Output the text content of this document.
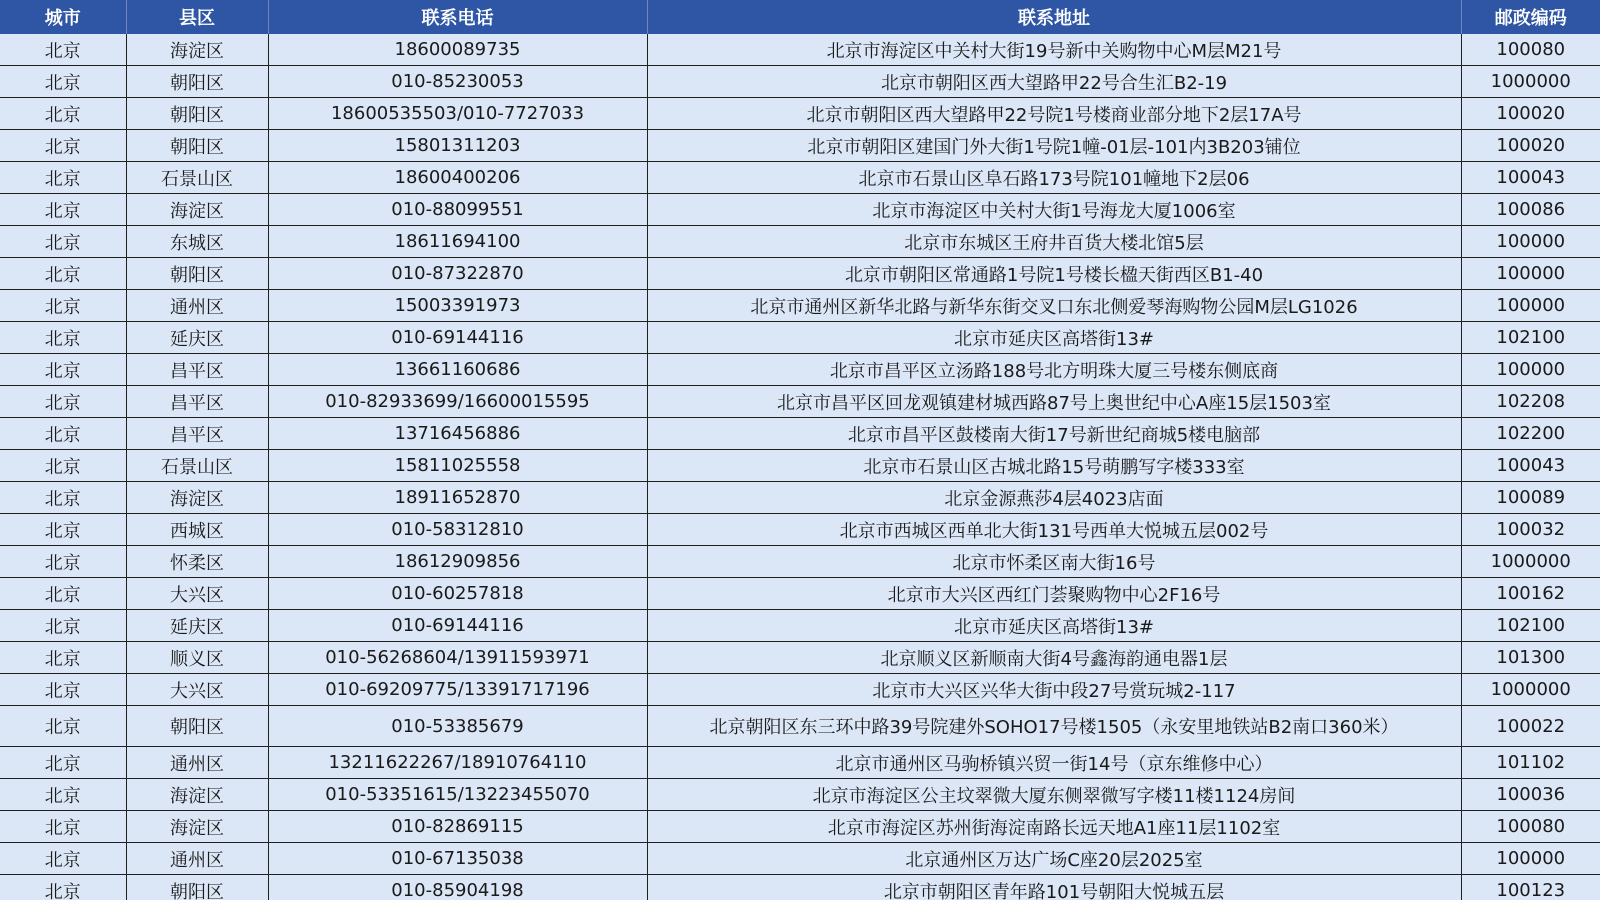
城市	县区	联系电话	联系地址	邮政编码
北京	海淀区	18600089735	北京市海淀区中关村大街19号新中关购物中心M层M21号	100080
北京	朝阳区	010-85230053	北京市朝阳区西大望路甲22号合生汇B2-19	1000000
北京	朝阳区	18600535503/010-7727033	北京市朝阳区西大望路甲22号院1号楼商业部分地下2层17A号	100020
北京	朝阳区	15801311203	北京市朝阳区建国门外大街1号院1幢-01层-101内3B203铺位	100020
北京	石景山区	18600400206	北京市石景山区阜石路173号院101幢地下2层06	100043
北京	海淀区	010-88099551	北京市海淀区中关村大街1号海龙大厦1006室	100086
北京	东城区	18611694100	北京市东城区王府井百货大楼北馆5层	100000
北京	朝阳区	010-87322870	北京市朝阳区常通路1号院1号楼长楹天街西区B1-40	100000
北京	通州区	15003391973	北京市通州区新华北路与新华东街交叉口东北侧爱琴海购物公园M层LG1026	100000
北京	延庆区	010-69144116	北京市延庆区高塔街13#	102100
北京	昌平区	13661160686	北京市昌平区立汤路188号北方明珠大厦三号楼东侧底商	100000
北京	昌平区	010-82933699/16600015595	北京市昌平区回龙观镇建材城西路87号上奥世纪中心A座15层1503室	102208
北京	昌平区	13716456886	北京市昌平区鼓楼南大街17号新世纪商城5楼电脑部	102200
北京	石景山区	15811025558	北京市石景山区古城北路15号萌鹏写字楼333室	100043
北京	海淀区	18911652870	北京金源燕莎4层4023店面	100089
北京	西城区	010-58312810	北京市西城区西单北大街131号西单大悦城五层002号	100032
北京	怀柔区	18612909856	北京市怀柔区南大街16号	1000000
北京	大兴区	010-60257818	北京市大兴区西红门荟聚购物中心2F16号	100162
北京	延庆区	010-69144116	北京市延庆区高塔街13#	102100
北京	顺义区	010-56268604/13911593971	北京顺义区新顺南大街4号鑫海韵通电器1层	101300
北京	大兴区	010-69209775/13391717196	北京市大兴区兴华大街中段27号赏玩城2-117	1000000
北京	朝阳区	010-53385679	北京朝阳区东三环中路39号院建外SOHO17号楼1505（永安里地铁站B2南口360米）	100022
北京	通州区	13211622267/18910764110	北京市通州区马驹桥镇兴贸一街14号（京东维修中心）	101102
北京	海淀区	010-53351615/13223455070	北京市海淀区公主坟翠微大厦东侧翠微写字楼11楼1124房间	100036
北京	海淀区	010-82869115	北京市海淀区苏州街海淀南路长远天地A1座11层1102室	100080
北京	通州区	010-67135038	北京通州区万达广场C座20层2025室	100000
北京	朝阳区	010-85904198	北京市朝阳区青年路101号朝阳大悦城五层	100123
